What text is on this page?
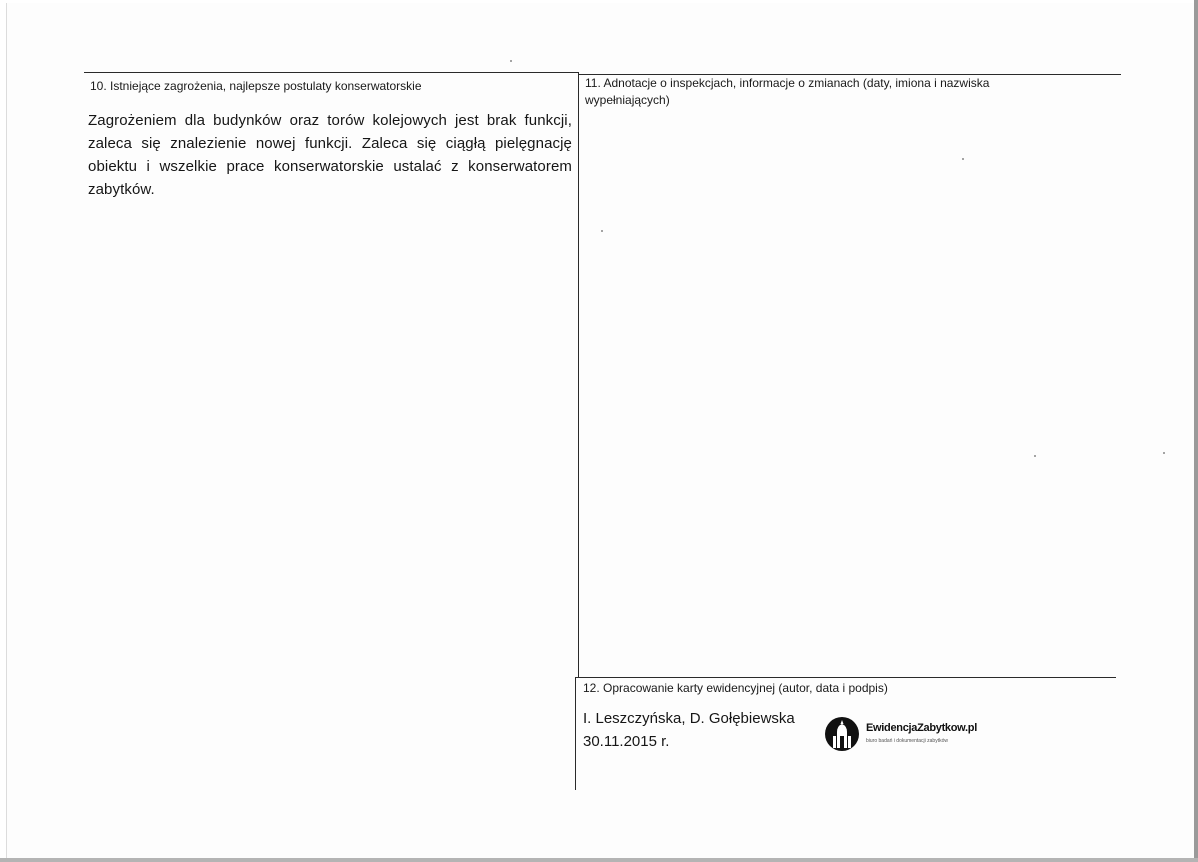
10. Istniejące zagrożenia, najlepsze postulaty konserwatorskie
Zagrożeniem dla budynków oraz torów kolejowych jest brak funkcji, zaleca się znalezienie nowej funkcji. Zaleca się ciągłą pielęgnację obiektu i wszelkie prace konserwatorskie ustalać z konserwatorem zabytków.
11. Adnotacje o inspekcjach, informacje o zmianach (daty, imiona i nazwiska wypełniających)
12. Opracowanie karty ewidencyjnej (autor, data i podpis)
I. Leszczyńska, D. Gołębiewska
30.11.2015 r.
EwidencjaZabytkow.pl
biuro badań i dokumentacji zabytków
